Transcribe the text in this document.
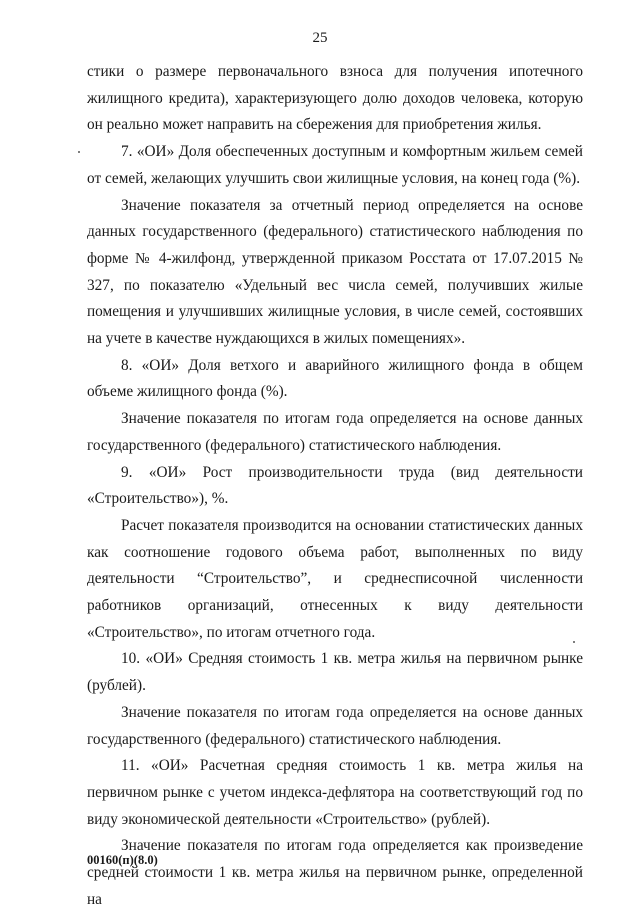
25

стики о размере первоначального взноса для получения ипотечного жилищного кредита), характеризующего долю доходов человека, которую он реально может направить на сбережения для приобретения жилья.

7. «ОИ» Доля обеспеченных доступным и комфортным жильем семей от семей, желающих улучшить свои жилищные условия, на конец года (%).

Значение показателя за отчетный период определяется на основе данных государственного (федерального) статистического наблюдения по форме № 4-жилфонд, утвержденной приказом Росстата от 17.07.2015 № 327, по показателю «Удельный вес числа семей, получивших жилые помещения и улучшивших жилищные условия, в числе семей, состоявших на учете в качестве нуждающихся в жилых помещениях».

8. «ОИ» Доля ветхого и аварийного жилищного фонда в общем объеме жилищного фонда (%).

Значение показателя по итогам года определяется на основе данных государственного (федерального) статистического наблюдения.

9. «ОИ» Рост производительности труда (вид деятельности «Строительство»), %.

Расчет показателя производится на основании статистических данных как соотношение годового объема работ, выполненных по виду деятельности “Строительство”, и среднесписочной численности работников организаций, отнесенных к виду деятельности «Строительство», по итогам отчетного года.

10. «ОИ» Средняя стоимость 1 кв. метра жилья на первичном рынке (рублей).

Значение показателя по итогам года определяется на основе данных государственного (федерального) статистического наблюдения.

11. «ОИ» Расчетная средняя стоимость 1 кв. метра жилья на первичном рынке с учетом индекса-дефлятора на соответствующий год по виду экономической деятельности «Строительство» (рублей).

Значение показателя по итогам года определяется как произведение средней стоимости 1 кв. метра жилья на первичном рынке, определенной на

00160(п)(8.0)
